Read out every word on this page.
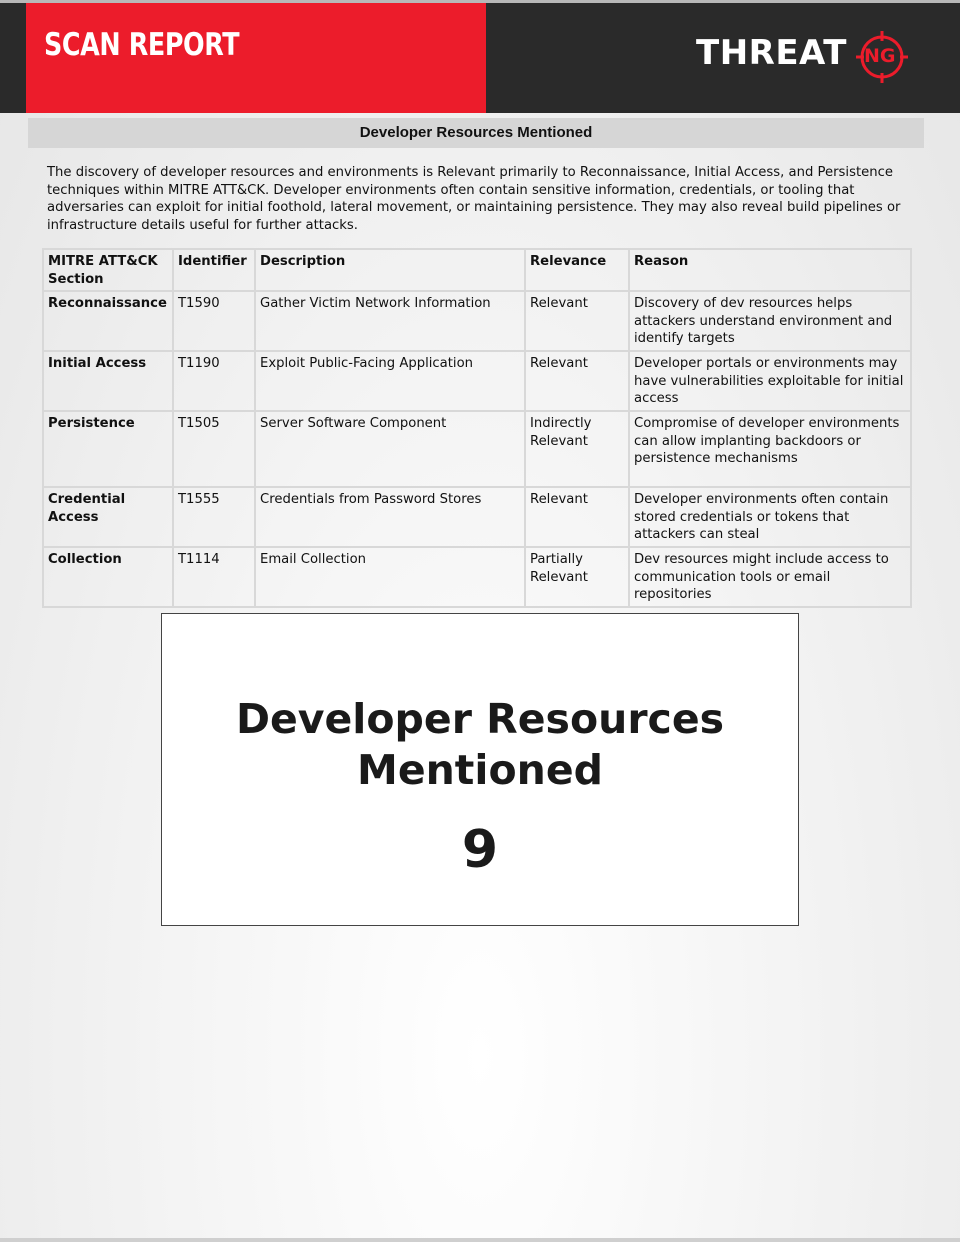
SCAN REPORT	THREAT NG
Developer Resources Mentioned
The discovery of developer resources and environments is Relevant primarily to Reconnaissance, Initial Access, and Persistence techniques within MITRE ATT&CK. Developer environments often contain sensitive information, credentials, or tooling that adversaries can exploit for initial foothold, lateral movement, or maintaining persistence. They may also reveal build pipelines or infrastructure details useful for further attacks.
MITRE ATT&CK Section	Identifier	Description	Relevance	Reason
Reconnaissance	T1590	Gather Victim Network Information	Relevant	Discovery of dev resources helps attackers understand environment and identify targets
Initial Access	T1190	Exploit Public-Facing Application	Relevant	Developer portals or environments may have vulnerabilities exploitable for initial access
Persistence	T1505	Server Software Component	Indirectly Relevant	Compromise of developer environments can allow implanting backdoors or persistence mechanisms
Credential Access	T1555	Credentials from Password Stores	Relevant	Developer environments often contain stored credentials or tokens that attackers can steal
Collection	T1114	Email Collection	Partially Relevant	Dev resources might include access to communication tools or email repositories
Developer Resources
Mentioned
9
